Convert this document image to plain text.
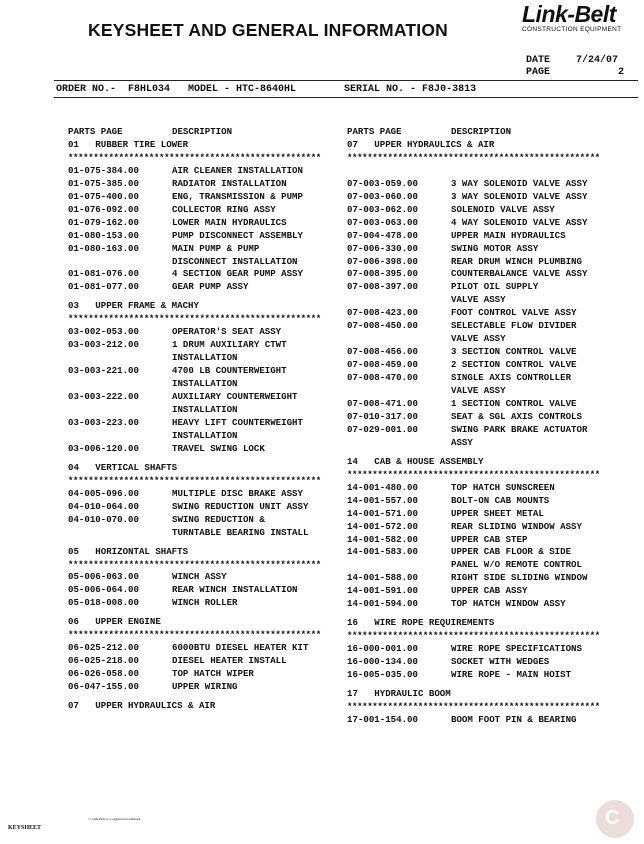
KEYSHEET AND GENERAL INFORMATION
Link-Belt
CONSTRUCTION EQUIPMENT
DATE	7/24/07
PAGE	2
ORDER NO.-  F8HL034   MODEL - HTC-8640HL        SERIAL NO. - F8J0-3813
PARTS PAGE	DESCRIPTION
01   RUBBER TIRE LOWER
**************************************************
01-075-384.00	AIR CLEANER INSTALLATION
01-075-385.00	RADIATOR INSTALLATION
01-075-400.00	ENG, TRANSMISSION & PUMP
01-076-092.00	COLLECTOR RING ASSY
01-079-162.00	LOWER MAIN HYDRAULICS
01-080-153.00	PUMP DISCONNECT ASSEMBLY
01-080-163.00	MAIN PUMP & PUMP
DISCONNECT INSTALLATION
01-081-076.00	4 SECTION GEAR PUMP ASSY
01-081-077.00	GEAR PUMP ASSY
03   UPPER FRAME & MACHY
**************************************************
03-002-053.00	OPERATOR'S SEAT ASSY
03-003-212.00	1 DRUM AUXILIARY CTWT
INSTALLATION
03-003-221.00	4700 LB COUNTERWEIGHT
INSTALLATION
03-003-222.00	AUXILIARY COUNTERWEIGHT
INSTALLATION
03-003-223.00	HEAVY LIFT COUNTERWEIGHT
INSTALLATION
03-006-120.00	TRAVEL SWING LOCK
04   VERTICAL SHAFTS
**************************************************
04-005-096.00	MULTIPLE DISC BRAKE ASSY
04-010-064.00	SWING REDUCTION UNIT ASSY
04-010-070.00	SWING REDUCTION &
TURNTABLE BEARING INSTALL
05   HORIZONTAL SHAFTS
**************************************************
05-006-063.00	WINCH ASSY
05-006-064.00	REAR WINCH INSTALLATION
05-018-008.00	WINCH ROLLER
06   UPPER ENGINE
**************************************************
06-025-212.00	6000BTU DIESEL HEATER KIT
06-025-218.00	DIESEL HEATER INSTALL
06-026-058.00	TOP HATCH WIPER
06-047-155.00	UPPER WIRING
07   UPPER HYDRAULICS & AIR
PARTS PAGE	DESCRIPTION
07   UPPER HYDRAULICS & AIR
**************************************************
07-003-059.00	3 WAY SOLENOID VALVE ASSY
07-003-060.00	3 WAY SOLENOID VALVE ASSY
07-003-062.00	SOLENOID VALVE ASSY
07-003-063.00	4 WAY SOLENOID VALVE ASSY
07-004-478.00	UPPER MAIN HYDRAULICS
07-006-330.00	SWING MOTOR ASSY
07-006-398.00	REAR DRUM WINCH PLUMBING
07-008-395.00	COUNTERBALANCE VALVE ASSY
07-008-397.00	PILOT OIL SUPPLY
VALVE ASSY
07-008-423.00	FOOT CONTROL VALVE ASSY
07-008-450.00	SELECTABLE FLOW DIVIDER
VALVE ASSY
07-008-456.00	3 SECTION CONTROL VALVE
07-008-459.00	2 SECTION CONTROL VALVE
07-008-470.00	SINGLE AXIS CONTROLLER
VALVE ASSY
07-008-471.00	1 SECTION CONTROL VALVE
07-010-317.00	SEAT & SGL AXIS CONTROLS
07-029-001.00	SWING PARK BRAKE ACTUATOR
ASSY
14   CAB & HOUSE ASSEMBLY
**************************************************
14-001-480.00	TOP HATCH SUNSCREEN
14-001-557.00	BOLT-ON CAB MOUNTS
14-001-571.00	UPPER SHEET METAL
14-001-572.00	REAR SLIDING WINDOW ASSY
14-001-582.00	UPPER CAB STEP
14-001-583.00	UPPER CAB FLOOR & SIDE
PANEL W/O REMOTE CONTROL
14-001-588.00	RIGHT SIDE SLIDING WINDOW
14-001-591.00	UPPER CAB ASSY
14-001-594.00	TOP HATCH WINDOW ASSY
16   WIRE ROPE REQUIREMENTS
**************************************************
16-000-001.00	WIRE ROPE SPECIFICATIONS
16-000-134.00	SOCKET WITH WEDGES
16-005-035.00	WIRE ROPE - MAIN HOIST
17   HYDRAULIC BOOM
**************************************************
17-001-154.00	BOOM FOOT PIN & BEARING
® Link-Belt is a registered trademark
KEYSHEET	C
